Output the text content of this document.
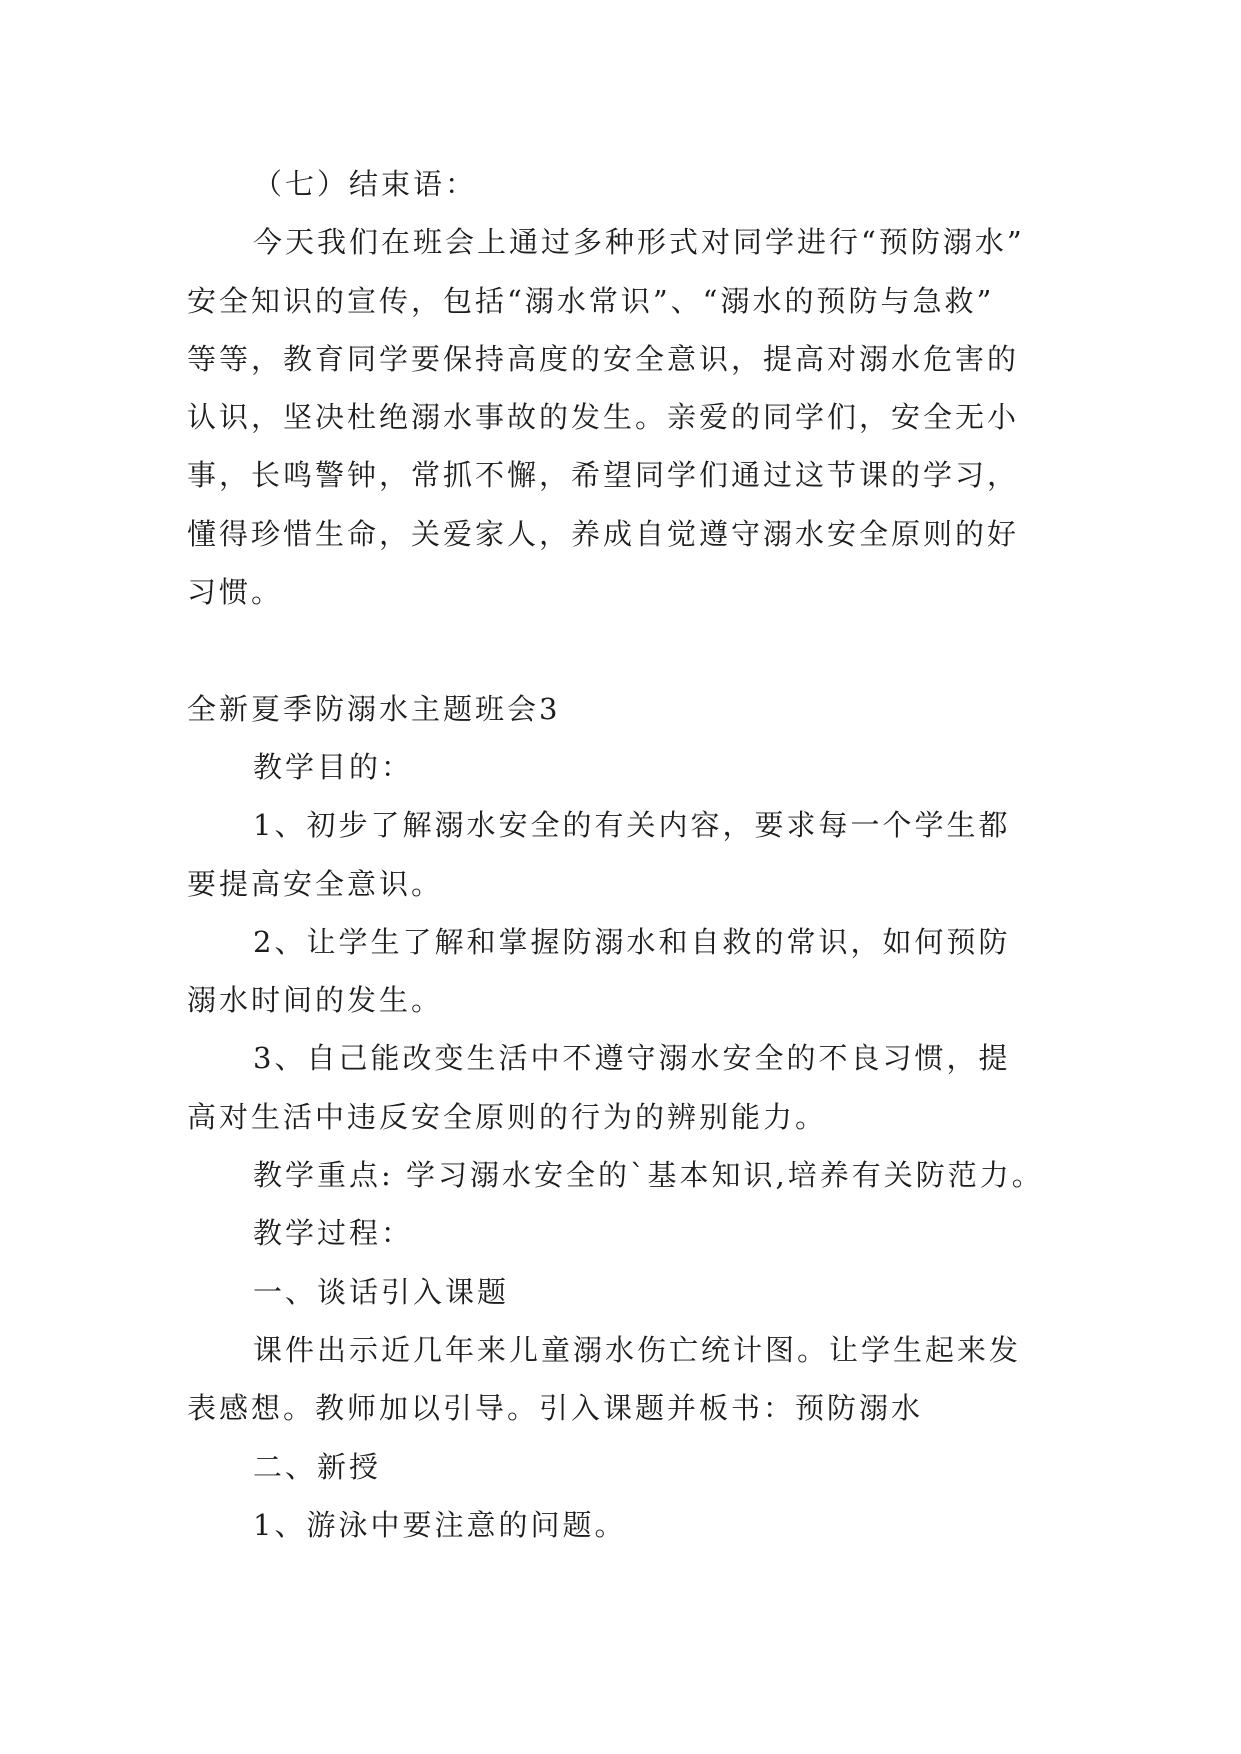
（七）结束语：
今天我们在班会上通过多种形式对同学进行“预防溺水”
安全知识的宣传，包括“溺水常识”、“溺水的预防与急救”
等等，教育同学要保持高度的安全意识，提高对溺水危害的
认识，坚决杜绝溺水事故的发生。亲爱的同学们，安全无小
事，长鸣警钟，常抓不懈，希望同学们通过这节课的学习，
懂得珍惜生命，关爱家人，养成自觉遵守溺水安全原则的好
习惯。
全新夏季防溺水主题班会3
教学目的：
1、初步了解溺水安全的有关内容，要求每一个学生都
要提高安全意识。
2、让学生了解和掌握防溺水和自救的常识，如何预防
溺水时间的发生。
3、自己能改变生活中不遵守溺水安全的不良习惯，提
高对生活中违反安全原则的行为的辨别能力。
教学重点: 学习溺水安全的`基本知识,培养有关防范力。
教学过程：
一、谈话引入课题
课件出示近几年来儿童溺水伤亡统计图。让学生起来发
表感想。教师加以引导。引入课题并板书：预防溺水
二、新授
1、游泳中要注意的问题。
